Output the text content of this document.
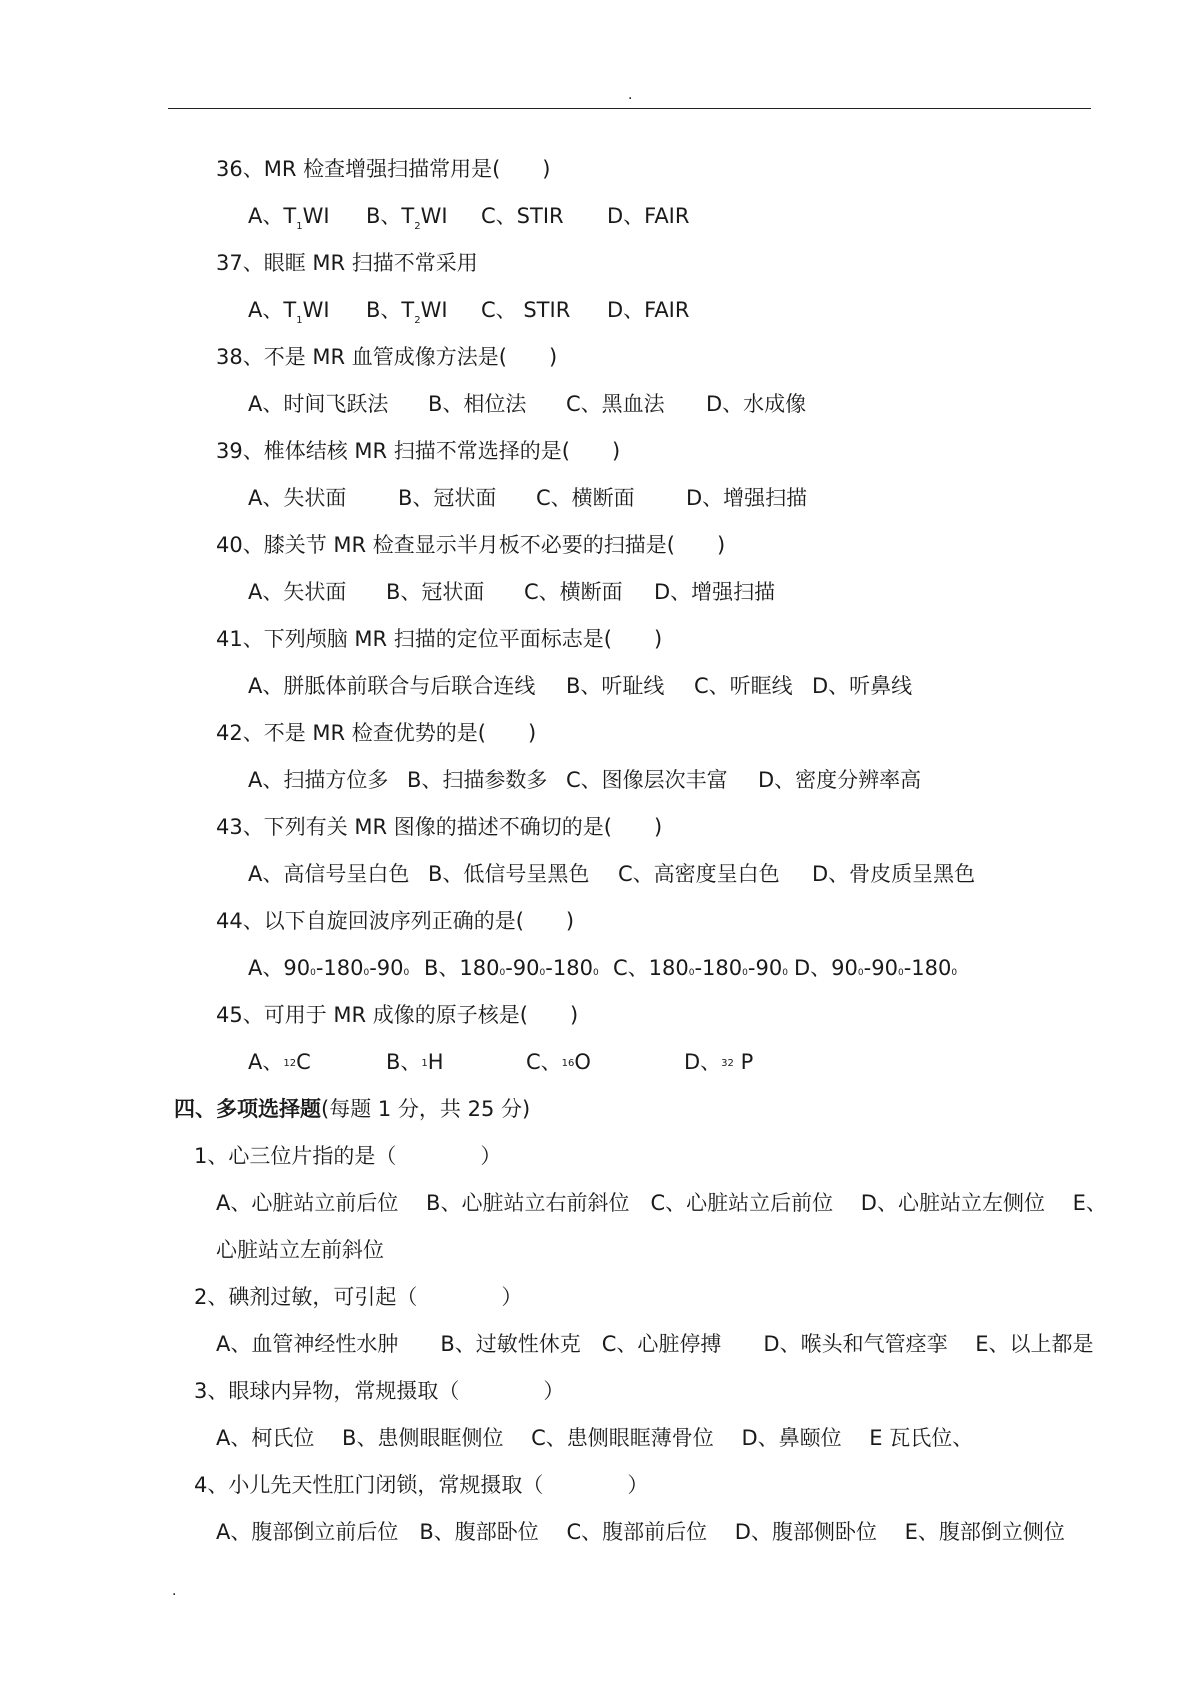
.
36、MR 检查增强扫描常用是(　　)
A、$T_1WI$ B、$T_2WI$ C、STIR D、FAIR
37、眼眶 MR 扫描不常采用
A、$T_1WI$ B、$T_2WI$ C、 STIR D、FAIR
38、不是 MR 血管成像方法是(　　)
A、时间飞跃法 B、相位法 C、黑血法 D、水成像
39、椎体结核 MR 扫描不常选择的是(　　)
A、失状面 B、冠状面 C、横断面 D、增强扫描
40、膝关节 MR 检查显示半月板不必要的扫描是(　　)
A、矢状面 B、冠状面 C、横断面 D、增强扫描
41、下列颅脑 MR 扫描的定位平面标志是(　　)
A、胼胝体前联合与后联合连线 B、听耻线 C、听眶线 D、听鼻线
42、不是 MR 检查优势的是(　　)
A、扫描方位多 B、扫描参数多 C、图像层次丰富 D、密度分辨率高
43、下列有关 MR 图像的描述不确切的是(　　)
A、高信号呈白色 B、低信号呈黑色 C、高密度呈白色 D、骨皮质呈黑色
44、以下自旋回波序列正确的是(　　)
A、900-1800-900 B、1800-900-1800 C、1800-1800-900 D、900-900-1800
45、可用于 MR 成像的原子核是(　　)
A、$^{12}$C	B、$^1$H	C、$^{16}$O	D、$^{32}$ P
四、多项选择题(每题 1 分，共 25 分)
1、心三位片指的是（　　　　）
A、心脏站立前后位　 B、心脏站立右前斜位　C、心脏站立后前位　 D、心脏站立左侧位　 E、
心脏站立左前斜位
2、碘剂过敏，可引起（　　　　）
A、血管神经性水肿　　B、过敏性休克　C、心脏停搏　　D、喉头和气管痉挛　 E、以上都是
3、眼球内异物，常规摄取（　　　　）
A、柯氏位　 B、患侧眼眶侧位　 C、患侧眼眶薄骨位　 D、鼻颐位　 E 瓦氏位、
4、小儿先天性肛门闭锁，常规摄取（　　　　）
A、腹部倒立前后位　B、腹部卧位　 C、腹部前后位　 D、腹部侧卧位　 E、腹部倒立侧位
.
